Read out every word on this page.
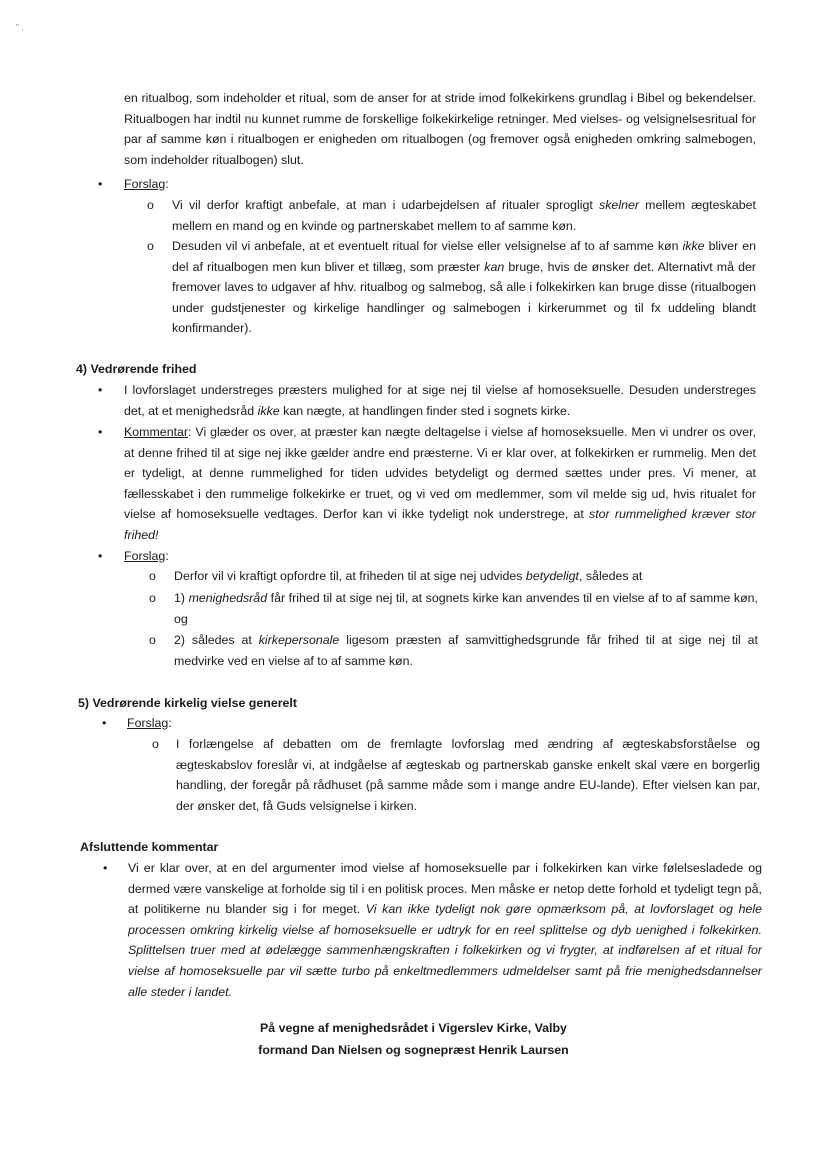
" ,
en ritualbog, som indeholder et ritual, som de anser for at stride imod folkekirkens grundlag i Bibel og bekendelser. Ritualbogen har indtil nu kunnet rumme de forskellige folkekirkelige retninger. Med vielses- og velsignelsesritual for par af samme køn i ritualbogen er enigheden om ritualbogen (og fremover også enigheden omkring salmebogen, som indeholder ritualbogen) slut.
•	Forslag:
o Vi vil derfor kraftigt anbefale, at man i udarbejdelsen af ritualer sprogligt skelner mellem ægteskabet mellem en mand og en kvinde og partnerskabet mellem to af samme køn.
o Desuden vil vi anbefale, at et eventuelt ritual for vielse eller velsignelse af to af samme køn ikke bliver en del af ritualbogen men kun bliver et tillæg, som præster kan bruge, hvis de ønsker det. Alternativt må der fremover laves to udgaver af hhv. ritualbog og salmebog, så alle i folkekirken kan bruge disse (ritualbogen under gudstjenester og kirkelige handlinger og salmebogen i kirkerummet og til fx uddeling blandt konfirmander).
4) Vedrørende frihed
•	I lovforslaget understreges præsters mulighed for at sige nej til vielse af homoseksuelle. Desuden understreges det, at et menighedsråd ikke kan nægte, at handlingen finder sted i sognets kirke.
•	Kommentar: Vi glæder os over, at præster kan nægte deltagelse i vielse af homoseksuelle. Men vi undrer os over, at denne frihed til at sige nej ikke gælder andre end præsterne. Vi er klar over, at folkekirken er rummelig. Men det er tydeligt, at denne rummelighed for tiden udvides betydeligt og dermed sættes under pres. Vi mener, at fællesskabet i den rummelige folkekirke er truet, og vi ved om medlemmer, som vil melde sig ud, hvis ritualet for vielse af homoseksuelle vedtages. Derfor kan vi ikke tydeligt nok understrege, at stor rummelighed kræver stor frihed!
•	Forslag:
o Derfor vil vi kraftigt opfordre til, at friheden til at sige nej udvides betydeligt, således at
o 1) menighedsråd får frihed til at sige nej til, at sognets kirke kan anvendes til en vielse af to af samme køn, og
o 2) således at kirkepersonale ligesom præsten af samvittighedsgrunde får frihed til at sige nej til at medvirke ved en vielse af to af samme køn.
5) Vedrørende kirkelig vielse generelt
•	Forslag:
o I forlængelse af debatten om de fremlagte lovforslag med ændring af ægteskabsforståelse og ægteskabslov foreslår vi, at indgåelse af ægteskab og partnerskab ganske enkelt skal være en borgerlig handling, der foregår på rådhuset (på samme måde som i mange andre EU-lande). Efter vielsen kan par, der ønsker det, få Guds velsignelse i kirken.
Afsluttende kommentar
•	Vi er klar over, at en del argumenter imod vielse af homoseksuelle par i folkekirken kan virke følelsesladede og dermed være vanskelige at forholde sig til i en politisk proces. Men måske er netop dette forhold et tydeligt tegn på, at politikerne nu blander sig i for meget. Vi kan ikke tydeligt nok gøre opmærksom på, at lovforslaget og hele processen omkring kirkelig vielse af homoseksuelle er udtryk for en reel splittelse og dyb uenighed i folkekirken. Splittelsen truer med at ødelægge sammenhængskraften i folkekirken og vi frygter, at indførelsen af et ritual for vielse af homoseksuelle par vil sætte turbo på enkeltmedlemmers udmeldelser samt på frie menighedsdannelser alle steder i landet.
På vegne af menighedsrådet i Vigerslev Kirke, Valby
formand Dan Nielsen og sognepræst Henrik Laursen
